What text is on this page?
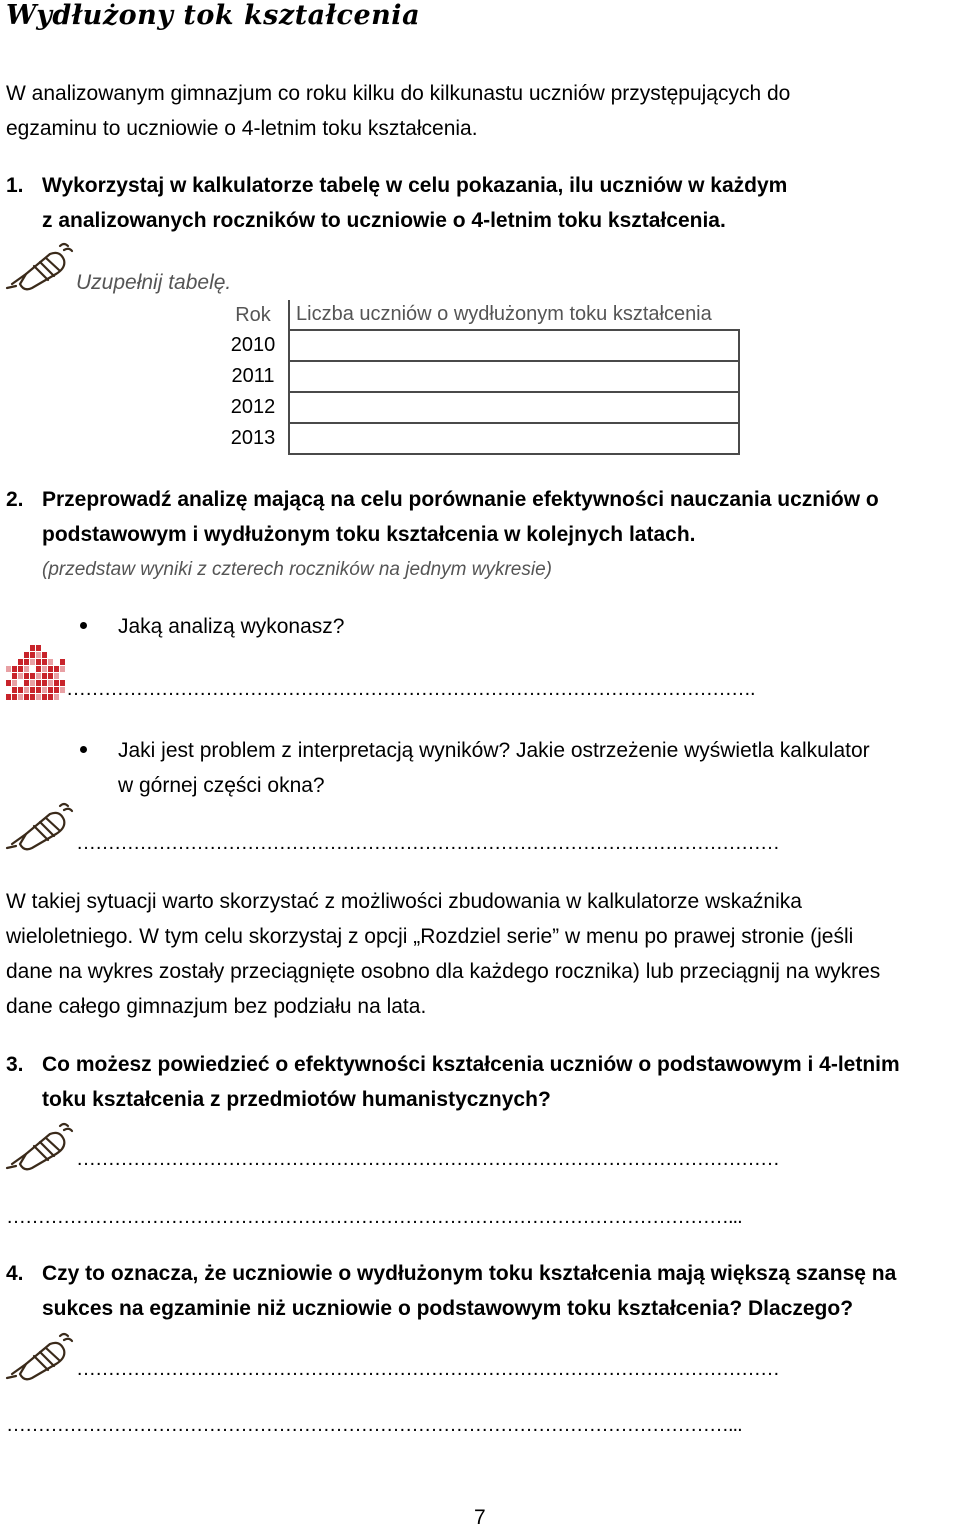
Wydłużony tok kształcenia
W analizowanym gimnazjum co roku kilku do kilkunastu uczniów przystępujących do
egzaminu to uczniowie o 4-letnim toku kształcenia.
1. Wykorzystaj w kalkulatorze tabelę w celu pokazania, ilu uczniów w każdym
z analizowanych roczników to uczniowie o 4-letnim toku kształcenia.
Uzupełnij tabelę.
Rok	Liczba uczniów o wydłużonym toku kształcenia
2010	
2011	
2012	
2013	
2. Przeprowadź analizę mającą na celu porównanie efektywności nauczania uczniów o
podstawowym i wydłużonym toku kształcenia w kolejnych latach.
(przedstaw wyniki z czterech roczników na jednym wykresie)
Jaką analizą wykonasz?
……………………………………………………………………………………………….
Jaki jest problem z interpretacją wyników? Jakie ostrzeżenie wyświetla kalkulator
w górnej części okna?
…………………………………………………………………………………………………
W takiej sytuacji warto skorzystać z możliwości zbudowania w kalkulatorze wskaźnika
wieloletniego. W tym celu skorzystaj z opcji „Rozdziel serie” w menu po prawej stronie (jeśli
dane na wykres zostały przeciągnięte osobno dla każdego rocznika) lub przeciągnij na wykres
dane całego gimnazjum bez podziału na lata.
3. Co możesz powiedzieć o efektywności kształcenia uczniów o podstawowym i 4-letnim
toku kształcenia z przedmiotów humanistycznych?
…………………………………………………………………………………………………
……………………………………………………………………………………………………...
4. Czy to oznacza, że uczniowie o wydłużonym toku kształcenia mają większą szansę na
sukces na egzaminie niż uczniowie o podstawowym toku kształcenia? Dlaczego?
…………………………………………………………………………………………………
……………………………………………………………………………………………………...
7
